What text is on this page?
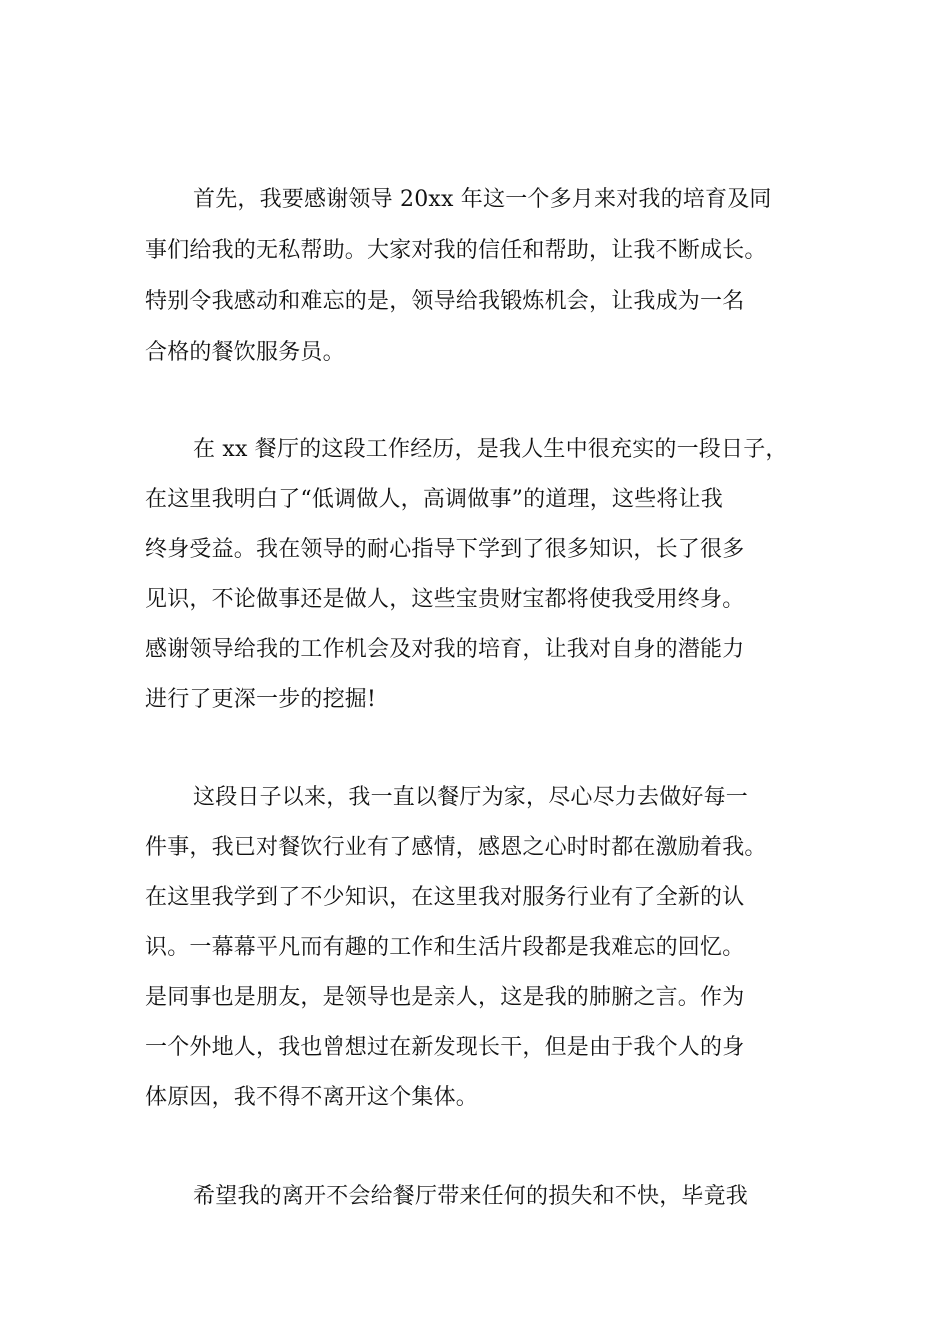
首先，我要感谢领导 20xx 年这一个多月来对我的培育及同
事们给我的无私帮助。大家对我的信任和帮助，让我不断成长。
特别令我感动和难忘的是，领导给我锻炼机会，让我成为一名
合格的餐饮服务员。
在 xx 餐厅的这段工作经历，是我人生中很充实的一段日子，
在这里我明白了“低调做人，高调做事”的道理，这些将让我
终身受益。我在领导的耐心指导下学到了很多知识，长了很多
见识，不论做事还是做人，这些宝贵财宝都将使我受用终身。
感谢领导给我的工作机会及对我的培育，让我对自身的潜能力
进行了更深一步的挖掘!
这段日子以来，我一直以餐厅为家，尽心尽力去做好每一
件事，我已对餐饮行业有了感情，感恩之心时时都在激励着我。
在这里我学到了不少知识，在这里我对服务行业有了全新的认
识。一幕幕平凡而有趣的工作和生活片段都是我难忘的回忆。
是同事也是朋友，是领导也是亲人，这是我的肺腑之言。作为
一个外地人，我也曾想过在新发现长干，但是由于我个人的身
体原因，我不得不离开这个集体。
希望我的离开不会给餐厅带来任何的损失和不快，毕竟我
